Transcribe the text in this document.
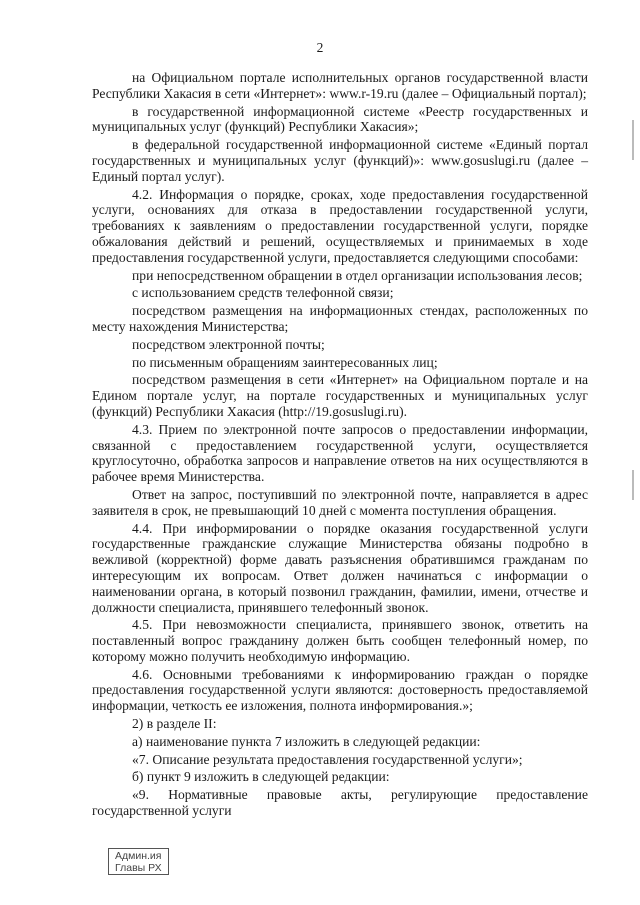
2

на Официальном портале исполнительных органов государственной власти Республики Хакасия в сети «Интернет»: www.r-19.ru (далее – Официальный портал);

в государственной информационной системе «Реестр государственных и муниципальных услуг (функций) Республики Хакасия»;

в федеральной государственной информационной системе «Единый портал государственных и муниципальных услуг (функций)»: www.gosuslugi.ru (далее – Единый портал услуг).

4.2. Информация о порядке, сроках, ходе предоставления государственной услуги, основаниях для отказа в предоставлении государственной услуги, требованиях к заявлениям о предоставлении государственной услуги, порядке обжалования действий и решений, осуществляемых и принимаемых в ходе предоставления государственной услуги, предоставляется следующими способами:

при непосредственном обращении в отдел организации использования лесов;

с использованием средств телефонной связи;

посредством размещения на информационных стендах, расположенных по месту нахождения Министерства;

посредством электронной почты;

по письменным обращениям заинтересованных лиц;

посредством размещения в сети «Интернет» на Официальном портале и на Едином портале услуг, на портале государственных и муниципальных услуг (функций) Республики Хакасия (http://19.gosuslugi.ru).

4.3. Прием по электронной почте запросов о предоставлении информации, связанной с предоставлением государственной услуги, осуществляется круглосуточно, обработка запросов и направление ответов на них осуществляются в рабочее время Министерства.

Ответ на запрос, поступивший по электронной почте, направляется в адрес заявителя в срок, не превышающий 10 дней с момента поступления обращения.

4.4. При информировании о порядке оказания государственной услуги государственные гражданские служащие Министерства обязаны подробно в вежливой (корректной) форме давать разъяснения обратившимся гражданам по интересующим их вопросам. Ответ должен начинаться с информации о наименовании органа, в который позвонил гражданин, фамилии, имени, отчестве и должности специалиста, принявшего телефонный звонок.

4.5. При невозможности специалиста, принявшего звонок, ответить на поставленный вопрос гражданину должен быть сообщен телефонный номер, по которому можно получить необходимую информацию.

4.6. Основными требованиями к информированию граждан о порядке предоставления государственной услуги являются: достоверность предоставляемой информации, четкость ее изложения, полнота информирования.»;

2) в разделе II:

а) наименование пункта 7 изложить в следующей редакции:

«7. Описание результата предоставления государственной услуги»;

б) пункт 9 изложить в следующей редакции:

«9. Нормативные правовые акты, регулирующие предоставление государственной услуги

Админ.ия
Главы РХ
